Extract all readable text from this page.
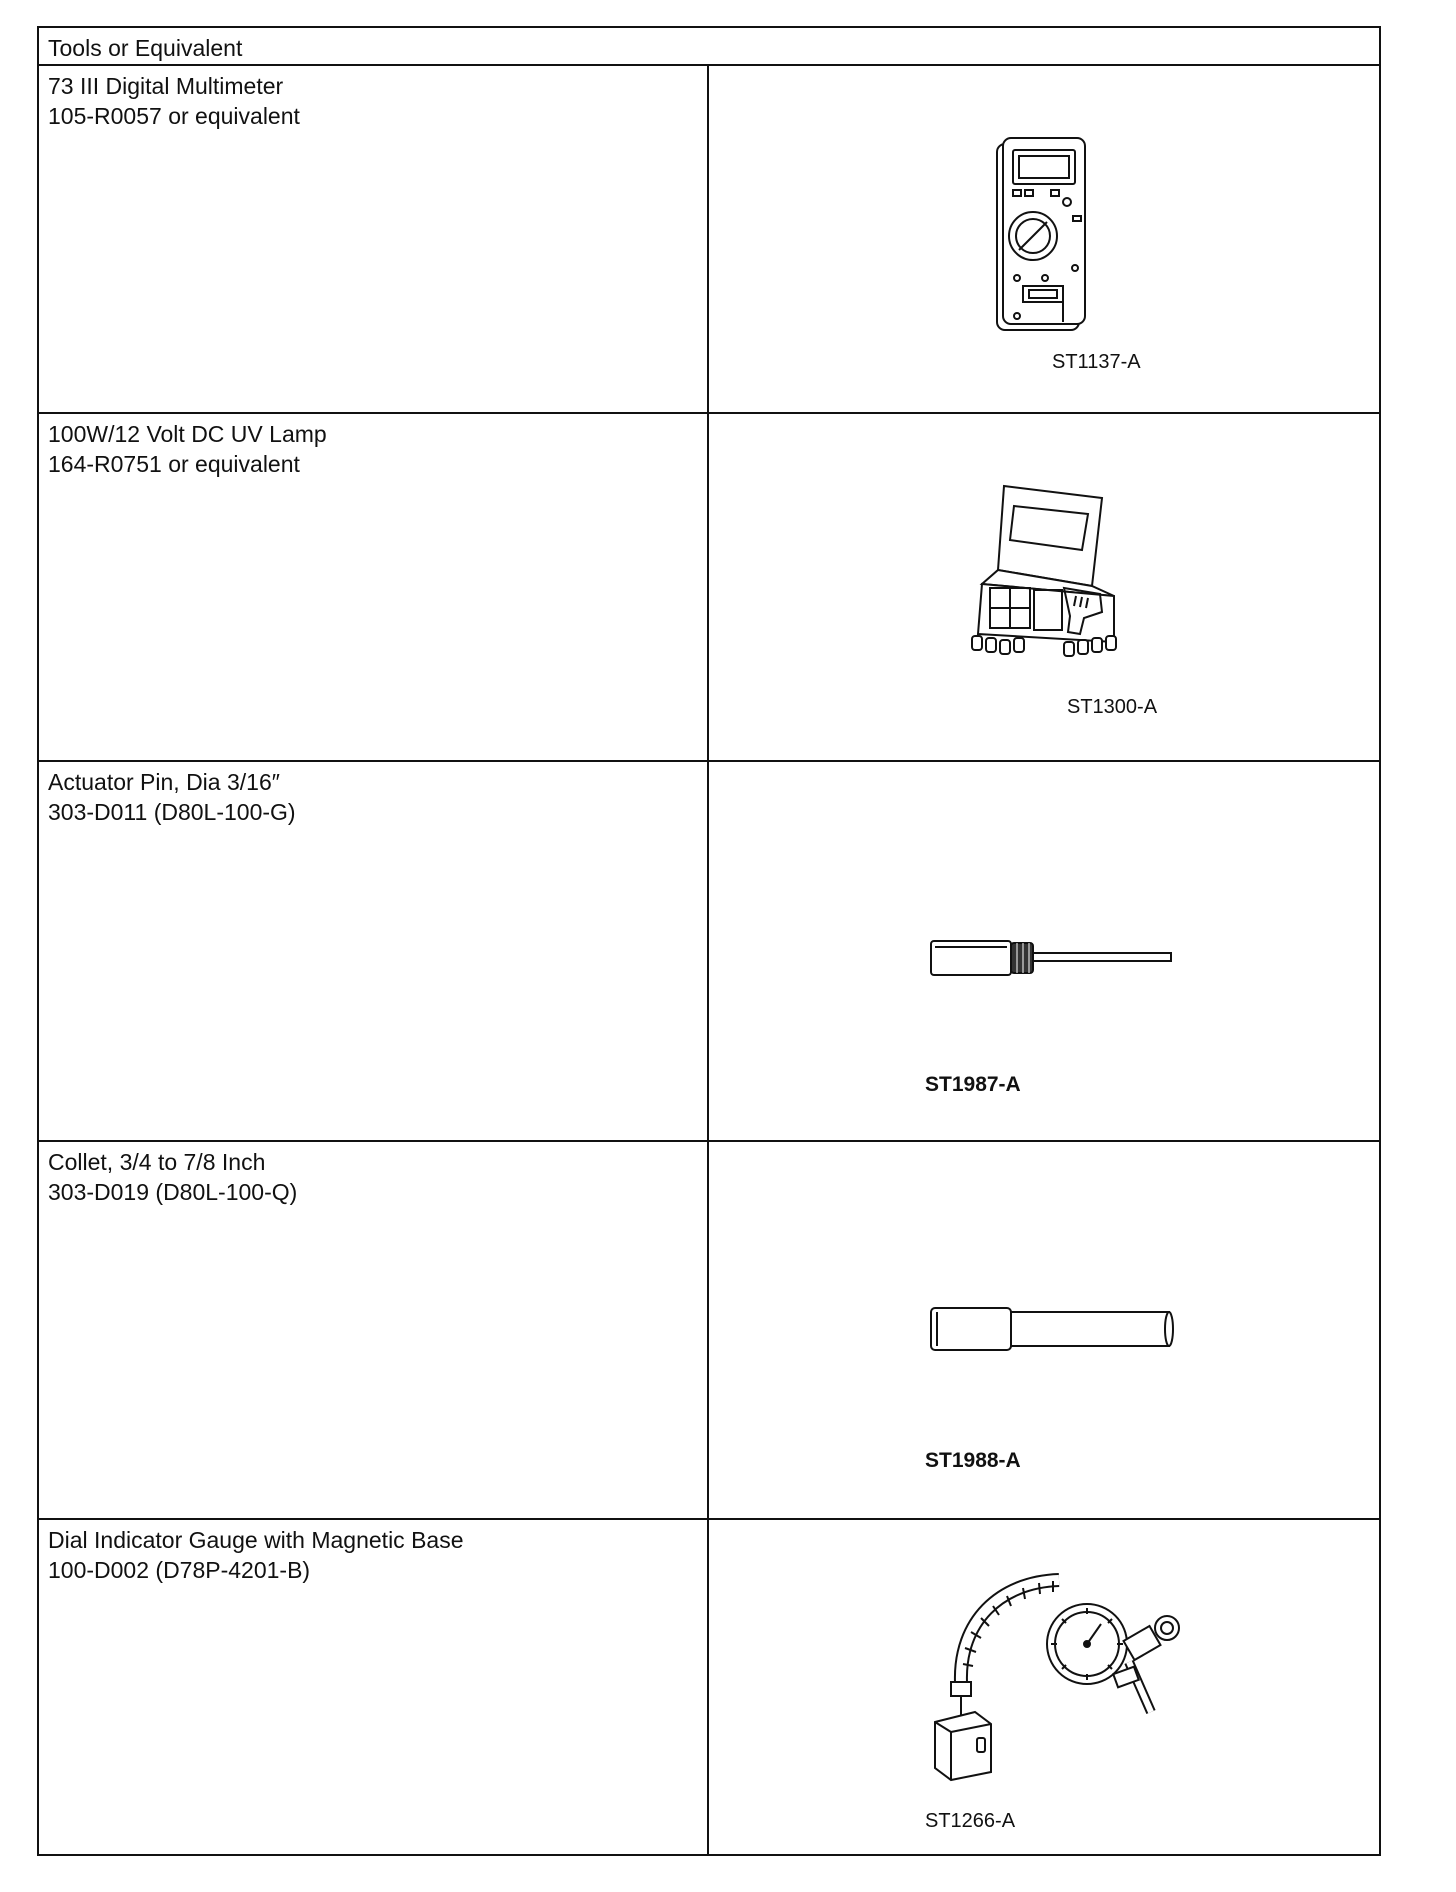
Tools or Equivalent
73 III Digital Multimeter
105-R0057 or equivalent
ST1137-A
100W/12 Volt DC UV Lamp
164-R0751 or equivalent
ST1300-A
Actuator Pin, Dia 3/16″
303-D011 (D80L-100-G)
ST1987-A
Collet, 3/4 to 7/8 Inch
303-D019 (D80L-100-Q)
ST1988-A
Dial Indicator Gauge with Magnetic Base
100-D002 (D78P-4201-B)
ST1266-A
